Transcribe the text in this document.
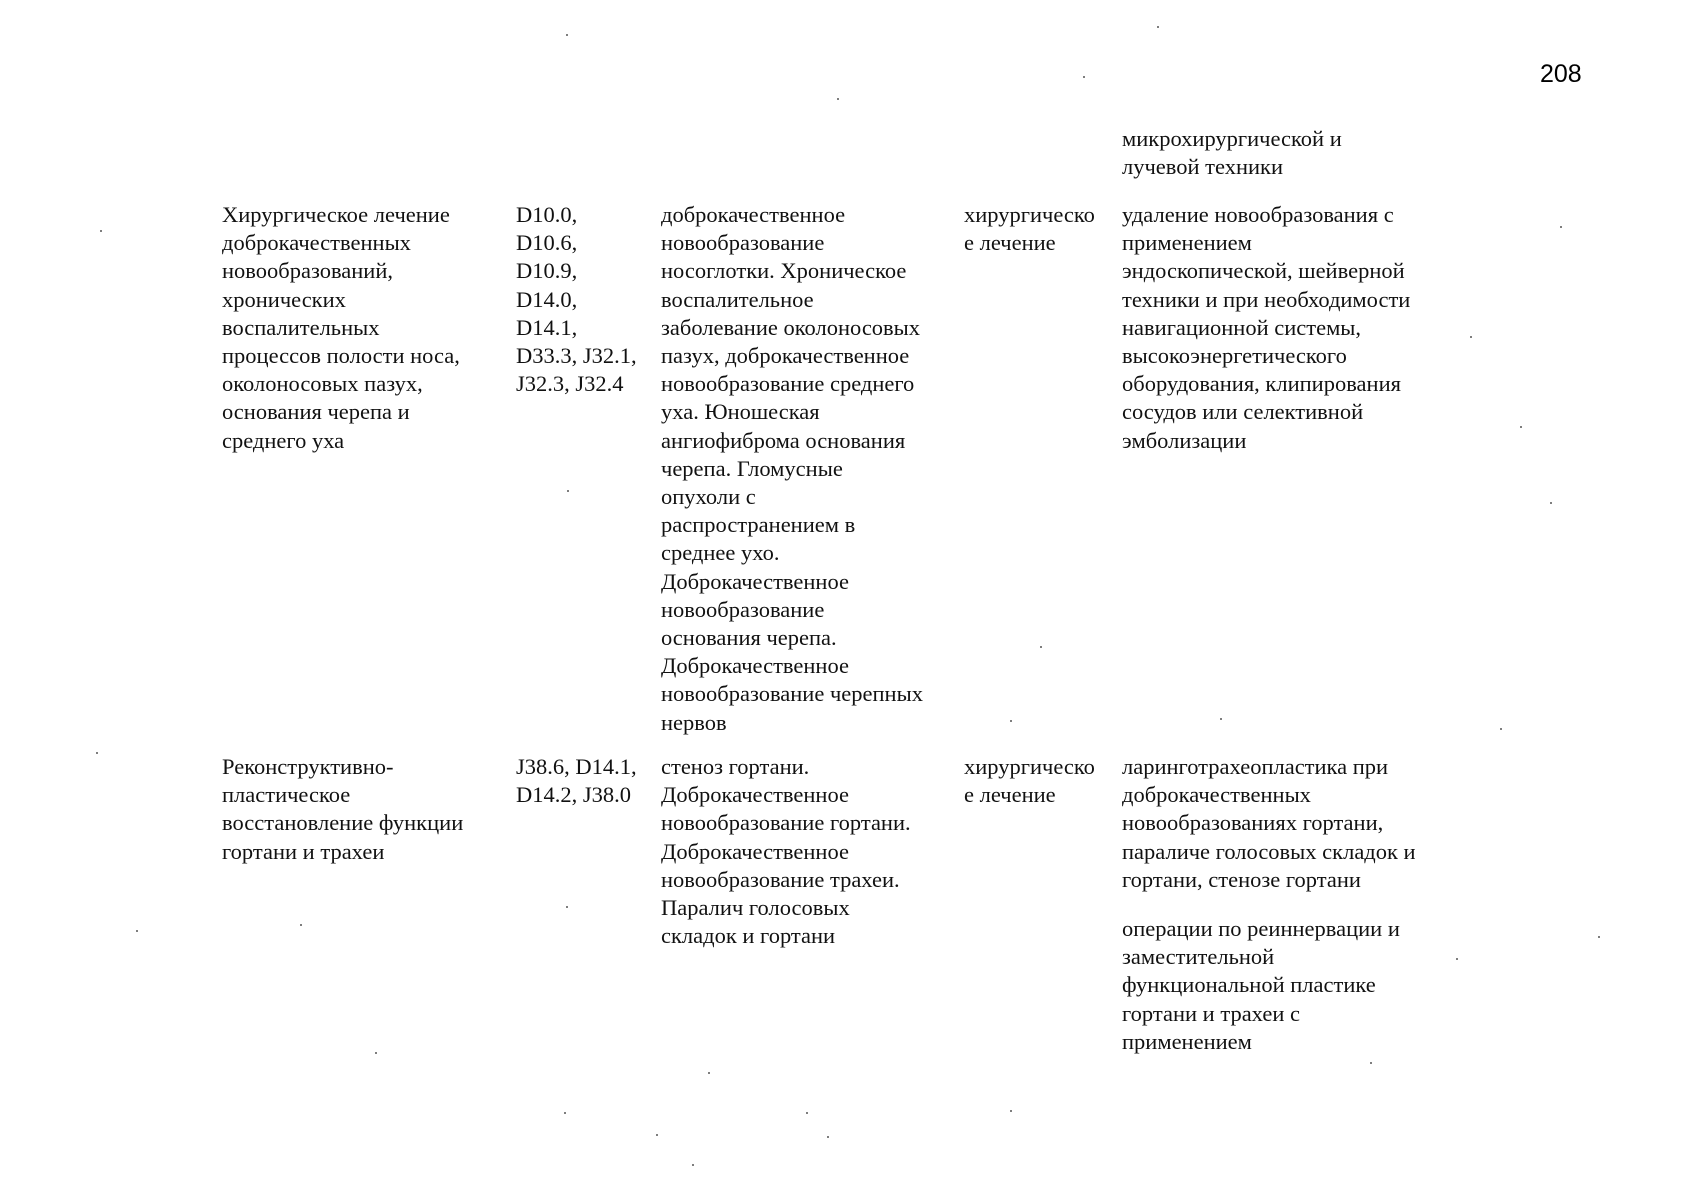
208
микрохирургической и
лучевой техники
Хирургическое лечение
доброкачественных
новообразований,
хронических
воспалительных
процессов полости носа,
околоносовых пазух,
основания черепа и
среднего уха
D10.0,
D10.6,
D10.9,
D14.0,
D14.1,
D33.3, J32.1,
J32.3, J32.4
доброкачественное
новообразование
носоглотки. Хроническое
воспалительное
заболевание околоносовых
пазух, доброкачественное
новообразование среднего
уха. Юношеская
ангиофиброма основания
черепа. Гломусные
опухоли с
распространением в
среднее ухо.
Доброкачественное
новообразование
основания черепа.
Доброкачественное
новообразование черепных
нервов
хирургическо
е лечение
удаление новообразования с
применением
эндоскопической, шейверной
техники и при необходимости
навигационной системы,
высокоэнергетического
оборудования, клипирования
сосудов или селективной
эмболизации
Реконструктивно-
пластическое
восстановление функции
гортани и трахеи
J38.6, D14.1,
D14.2, J38.0
стеноз гортани.
Доброкачественное
новообразование гортани.
Доброкачественное
новообразование трахеи.
Паралич голосовых
складок и гортани
хирургическо
е лечение
ларинготрахеопластика при
доброкачественных
новообразованиях гортани,
параличе голосовых складок и
гортани, стенозе гортани
операции по реиннервации и
заместительной
функциональной пластике
гортани и трахеи с
применением
